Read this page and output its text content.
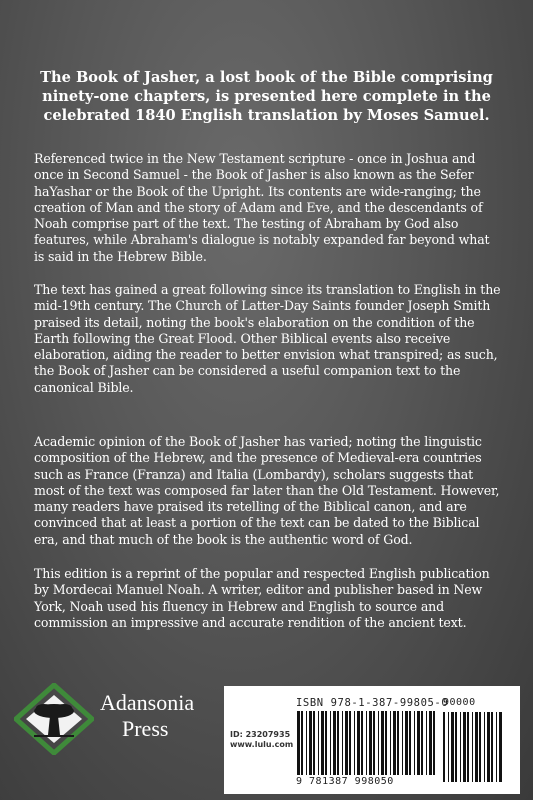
The Book of Jasher, a lost book of the Bible comprising ninety-one chapters, is presented here complete in the celebrated 1840 English translation by Moses Samuel.
Referenced twice in the New Testament scripture - once in Joshua and once in Second Samuel - the Book of Jasher is also known as the Sefer haYashar or the Book of the Upright. Its contents are wide-ranging; the creation of Man and the story of Adam and Eve, and the descendants of Noah comprise part of the text. The testing of Abraham by God also features, while Abraham's dialogue is notably expanded far beyond what is said in the Hebrew Bible.
The text has gained a great following since its translation to English in the mid-19th century. The Church of Latter-Day Saints founder Joseph Smith praised its detail, noting the book's elaboration on the condition of the Earth following the Great Flood. Other Biblical events also receive elaboration, aiding the reader to better envision what transpired; as such, the Book of Jasher can be considered a useful companion text to the canonical Bible.
Academic opinion of the Book of Jasher has varied; noting the linguistic composition of the Hebrew, and the presence of Medieval-era countries such as France (Franza) and Italia (Lombardy), scholars suggests that most of the text was composed far later than the Old Testament. However, many readers have praised its retelling of the Biblical canon, and are convinced that at least a portion of the text can be dated to the Biblical era, and that much of the book is the authentic word of God.
This edition is a reprint of the popular and respected English publication by Mordecai Manuel Noah. A writer, editor and publisher based in New York, Noah used his fluency in Hebrew and English to source and commission an impressive and accurate rendition of the ancient text.
Adansonia
Press
ISBN 978-1-387-99805-0
90000
ID: 23207935
www.lulu.com
9 781387 998050
